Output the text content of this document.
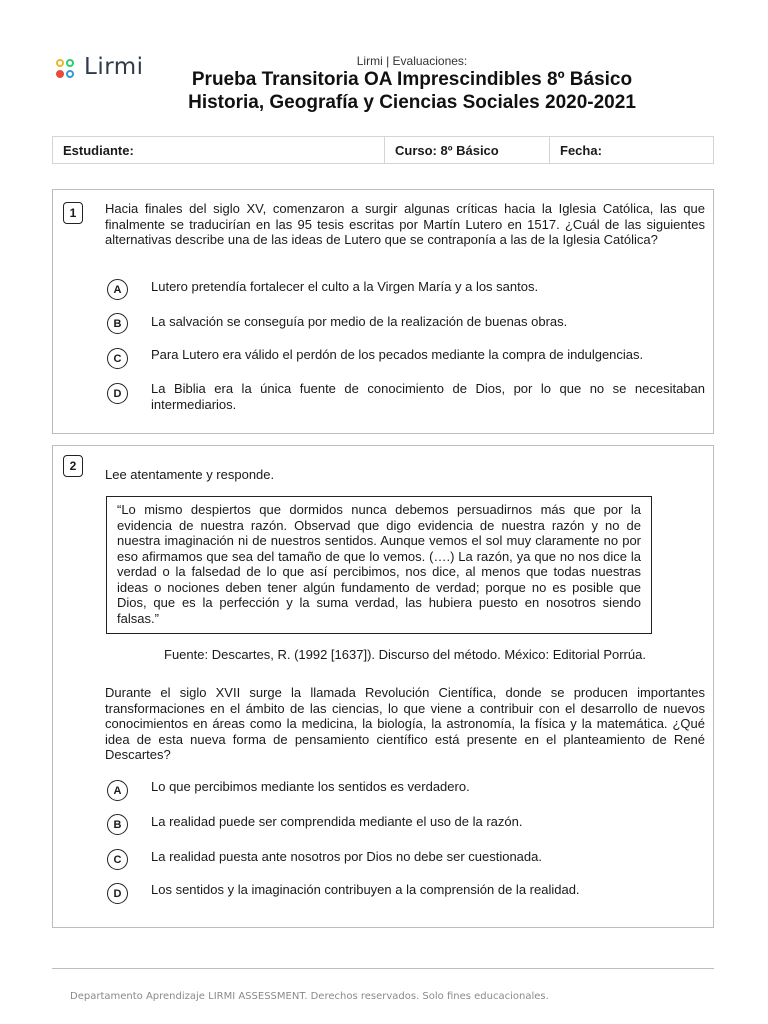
Lirmi	Lirmi | Evaluaciones:
Prueba Transitoria OA Imprescindibles 8º Básico
Historia, Geografía y Ciencias Sociales 2020-2021
Estudiante:	Curso: 8º Básico	Fecha:
1	Hacia finales del siglo XV, comenzaron a surgir algunas críticas hacia la Iglesia Católica, las que finalmente se traducirían en las 95 tesis escritas por Martín Lutero en 1517. ¿Cuál de las siguientes alternativas describe una de las ideas de Lutero que se contraponía a las de la Iglesia Católica?
A	Lutero pretendía fortalecer el culto a la Virgen María y a los santos.
B	La salvación se conseguía por medio de la realización de buenas obras.
C	Para Lutero era válido el perdón de los pecados mediante la compra de indulgencias.
D	La Biblia era la única fuente de conocimiento de Dios, por lo que no se necesitaban intermediarios.
2
Lee atentamente y responde.
“Lo mismo despiertos que dormidos nunca debemos persuadirnos más que por la evidencia de nuestra razón. Observad que digo evidencia de nuestra razón y no de nuestra imaginación ni de nuestros sentidos. Aunque vemos el sol muy claramente no por eso afirmamos que sea del tamaño de que lo vemos. (….) La razón, ya que no nos dice la verdad o la falsedad de lo que así percibimos, nos dice, al menos que todas nuestras ideas o nociones deben tener algún fundamento de verdad; porque no es posible que Dios, que es la perfección y la suma verdad, las hubiera puesto en nosotros siendo falsas.”
Fuente: Descartes, R. (1992 [1637]). Discurso del método. México: Editorial Porrúa.
Durante el siglo XVII surge la llamada Revolución Científica, donde se producen importantes transformaciones en el ámbito de las ciencias, lo que viene a contribuir con el desarrollo de nuevos conocimientos en áreas como la medicina, la biología, la astronomía, la física y la matemática. ¿Qué idea de esta nueva forma de pensamiento científico está presente en el planteamiento de René Descartes?
A	Lo que percibimos mediante los sentidos es verdadero.
B	La realidad puede ser comprendida mediante el uso de la razón.
C	La realidad puesta ante nosotros por Dios no debe ser cuestionada.
D	Los sentidos y la imaginación contribuyen a la comprensión de la realidad.
Departamento Aprendizaje LIRMI ASSESSMENT. Derechos reservados. Solo fines educacionales.
